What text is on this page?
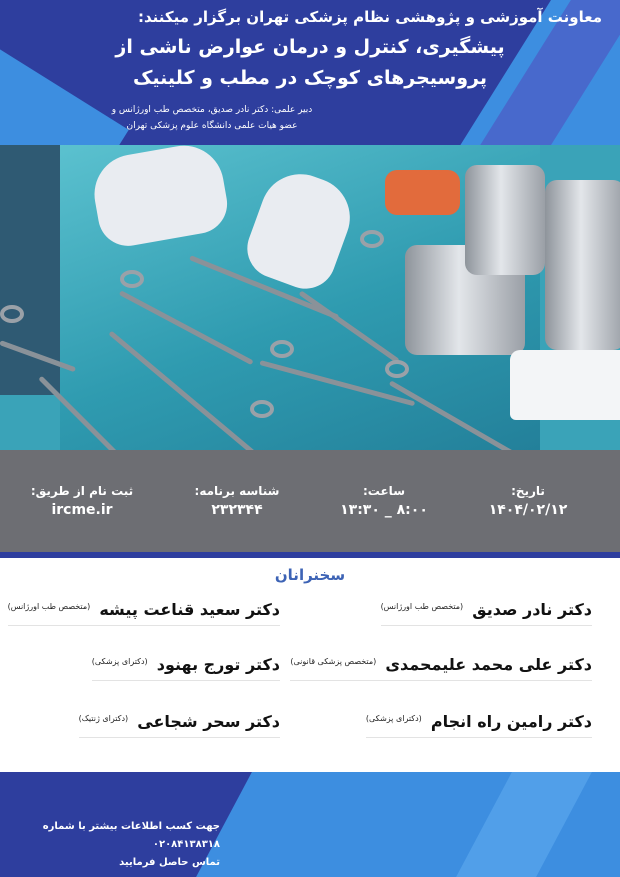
معاونت آموزشی و پژوهشی نظام پزشکی تهران برگزار میکنند:
پیشگیری، کنترل و درمان عوارض ناشی از
پروسیجرهای کوچک در مطب و کلینیک
دبیر علمی: دکتر نادر صدیق، متخصص طب اورژانس و
عضو هیات علمی دانشگاه علوم پزشکی تهران
تاریخ:
۱۴۰۴/۰۲/۱۲
ساعت:
۸:۰۰ _ ۱۳:۳۰
شناسه برنامه:
۲۳۲۳۴۴
ثبت نام از طریق:
ircme.ir
سخنرانان
دکتر نادر صدیق $^{(متخصص طب اورژانس)}$
دکتر سعید قناعت پیشه $^{(متخصص طب اورژانس)}$
دکتر علی محمد علیمحمدی $^{(متخصص پزشکی قانونی)}$
دکتر تورج بهنود $^{(دکترای پزشکی)}$
دکتر رامین راه انجام $^{(دکترای پزشکی)}$
دکتر سحر شجاعی $^{(دکترای ژنتیک)}$
جهت کسب اطلاعات بیشتر با شماره
۰۲۰۸۴۱۳۸۳۱۸
تماس حاصل فرمایید
